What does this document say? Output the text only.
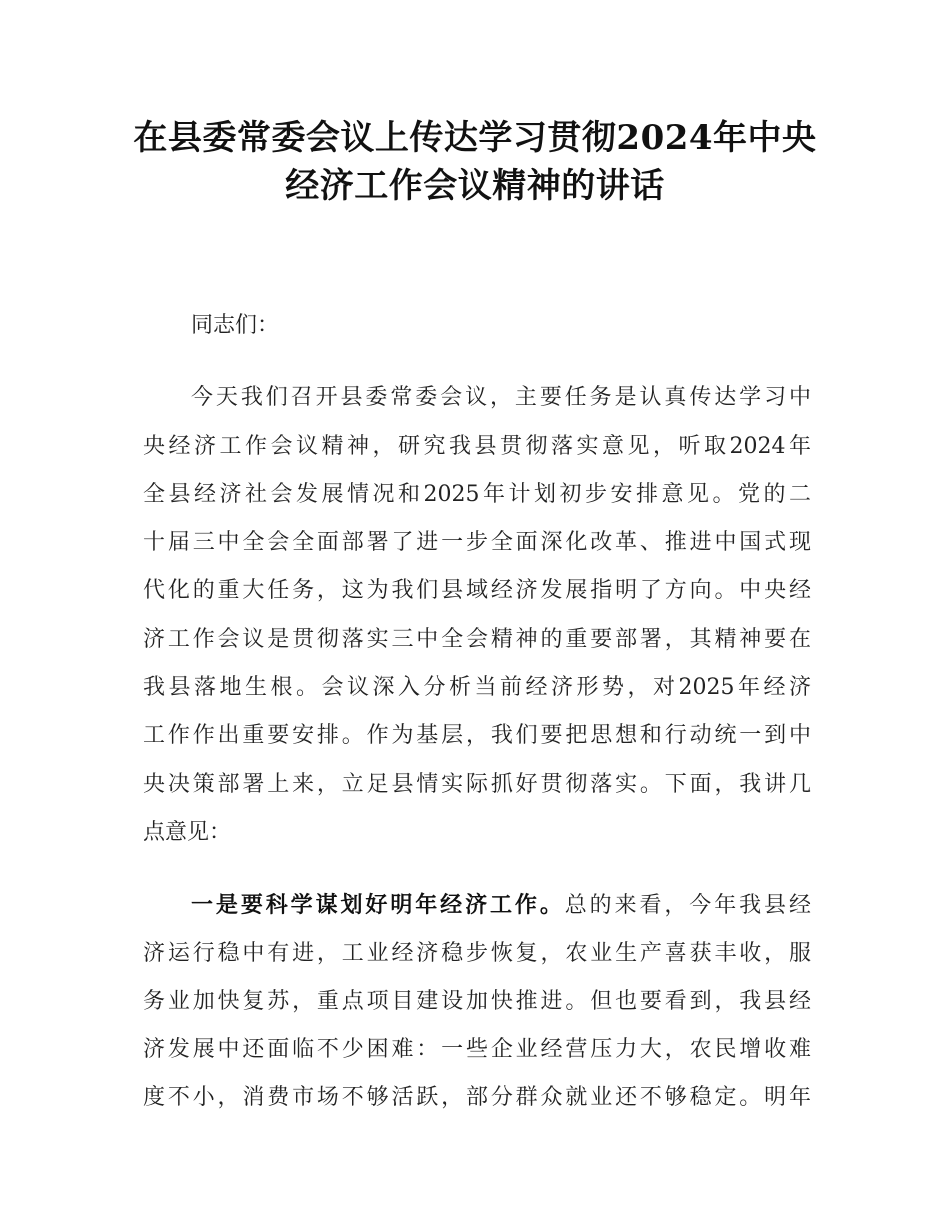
在县委常委会议上传达学习贯彻2024年中央
经济工作会议精神的讲话
同志们：
今天我们召开县委常委会议，主要任务是认真传达学习中
央经济工作会议精神，研究我县贯彻落实意见，听取2024年
全县经济社会发展情况和2025年计划初步安排意见。党的二
十届三中全会全面部署了进一步全面深化改革、推进中国式现
代化的重大任务，这为我们县域经济发展指明了方向。中央经
济工作会议是贯彻落实三中全会精神的重要部署，其精神要在
我县落地生根。会议深入分析当前经济形势，对2025年经济
工作作出重要安排。作为基层，我们要把思想和行动统一到中
央决策部署上来，立足县情实际抓好贯彻落实。下面，我讲几
点意见：
一是要科学谋划好明年经济工作。总的来看，今年我县经
济运行稳中有进，工业经济稳步恢复，农业生产喜获丰收，服
务业加快复苏，重点项目建设加快推进。但也要看到，我县经
济发展中还面临不少困难：一些企业经营压力大，农民增收难
度不小，消费市场不够活跃，部分群众就业还不够稳定。明年
